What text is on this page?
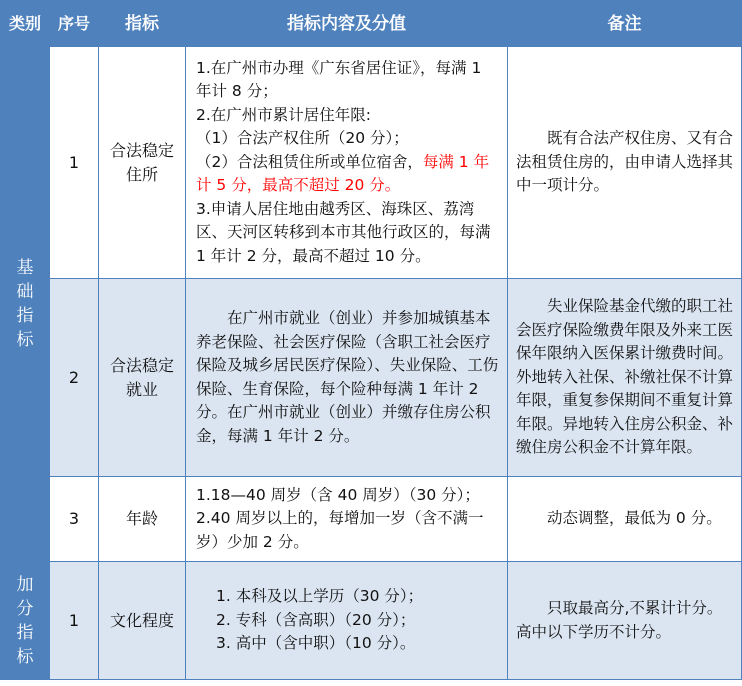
类别	序号	指标	指标内容及分值	备注
基础指标	1	合法稳定住所	1.在广州市办理《广东省居住证》，每满 1 年计 8 分；
2.在广州市累计居住年限:
（1）合法产权住所（20 分）；
（2）合法租赁住所或单位宿舍，每满 1 年计 5 分，最高不超过 20 分。
3.申请人居住地由越秀区、海珠区、荔湾区、天河区转移到本市其他行政区的，每满 1 年计 2 分，最高不超过 10 分。	既有合法产权住房、又有合法租赁住房的，由申请人选择其中一项计分。
	2	合法稳定就业	在广州市就业（创业）并参加城镇基本养老保险、社会医疗保险（含职工社会医疗保险及城乡居民医疗保险）、失业保险、工伤保险、生育保险，每个险种每满 1 年计 2 分。在广州市就业（创业）并缴存住房公积金，每满 1 年计 2 分。	失业保险基金代缴的职工社会医疗保险缴费年限及外来工医保年限纳入医保累计缴费时间。外地转入社保、补缴社保不计算年限，重复参保期间不重复计算年限。异地转入住房公积金、补缴住房公积金不计算年限。
	3	年龄	1.18—40 周岁（含 40 周岁）（30 分）；
2.40 周岁以上的，每增加一岁（含不满一岁）少加 2 分。	动态调整，最低为 0 分。
加分指标	1	文化程度	1. 本科及以上学历（30 分）；
2. 专科（含高职）（20 分）；
3. 高中（含中职）（10 分）。	只取最高分,不累计计分。高中以下学历不计分。
